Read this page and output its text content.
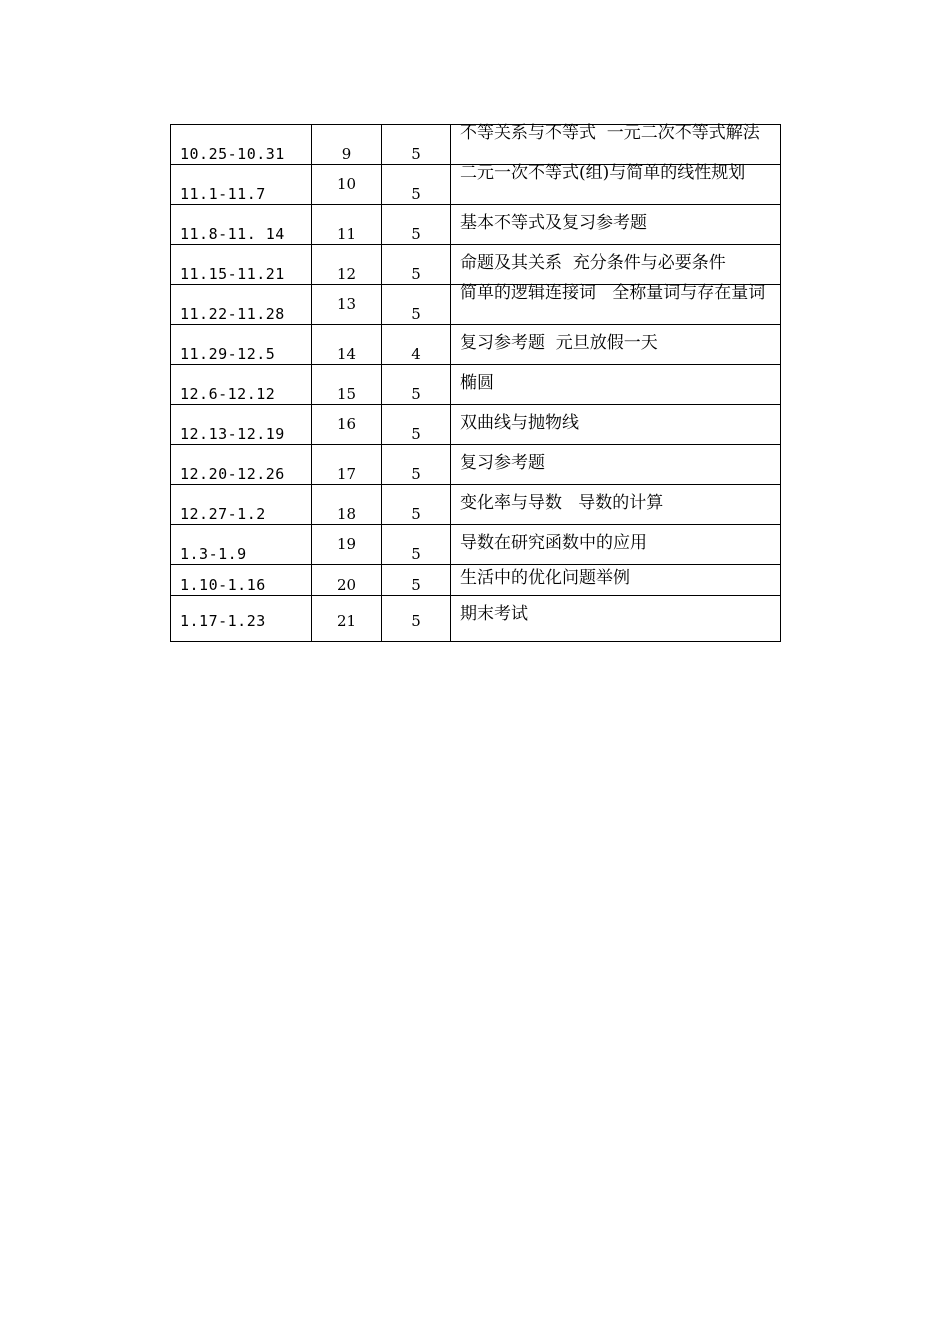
10.25-10.31	9	5	不等关系与不等式  一元二次不等式解法

11.1-11.7	10	5	二元一次不等式(组)与简单的线性规划

11.8-11. 14	11	5	基本不等式及复习参考题

11.15-11.21	12	5	命题及其关系  充分条件与必要条件

11.22-11.28	13	5	简单的逻辑连接词   全称量词与存在量词

11.29-12.5	14	4	复习参考题  元旦放假一天

12.6-12.12	15	5	椭圆

12.13-12.19	16	5	双曲线与抛物线

12.20-12.26	17	5	复习参考题

12.27-1.2	18	5	变化率与导数   导数的计算

1.3-1.9	19	5	导数在研究函数中的应用

1.10-1.16	20	5	生活中的优化问题举例

1.17-1.23	21	5	期末考试
